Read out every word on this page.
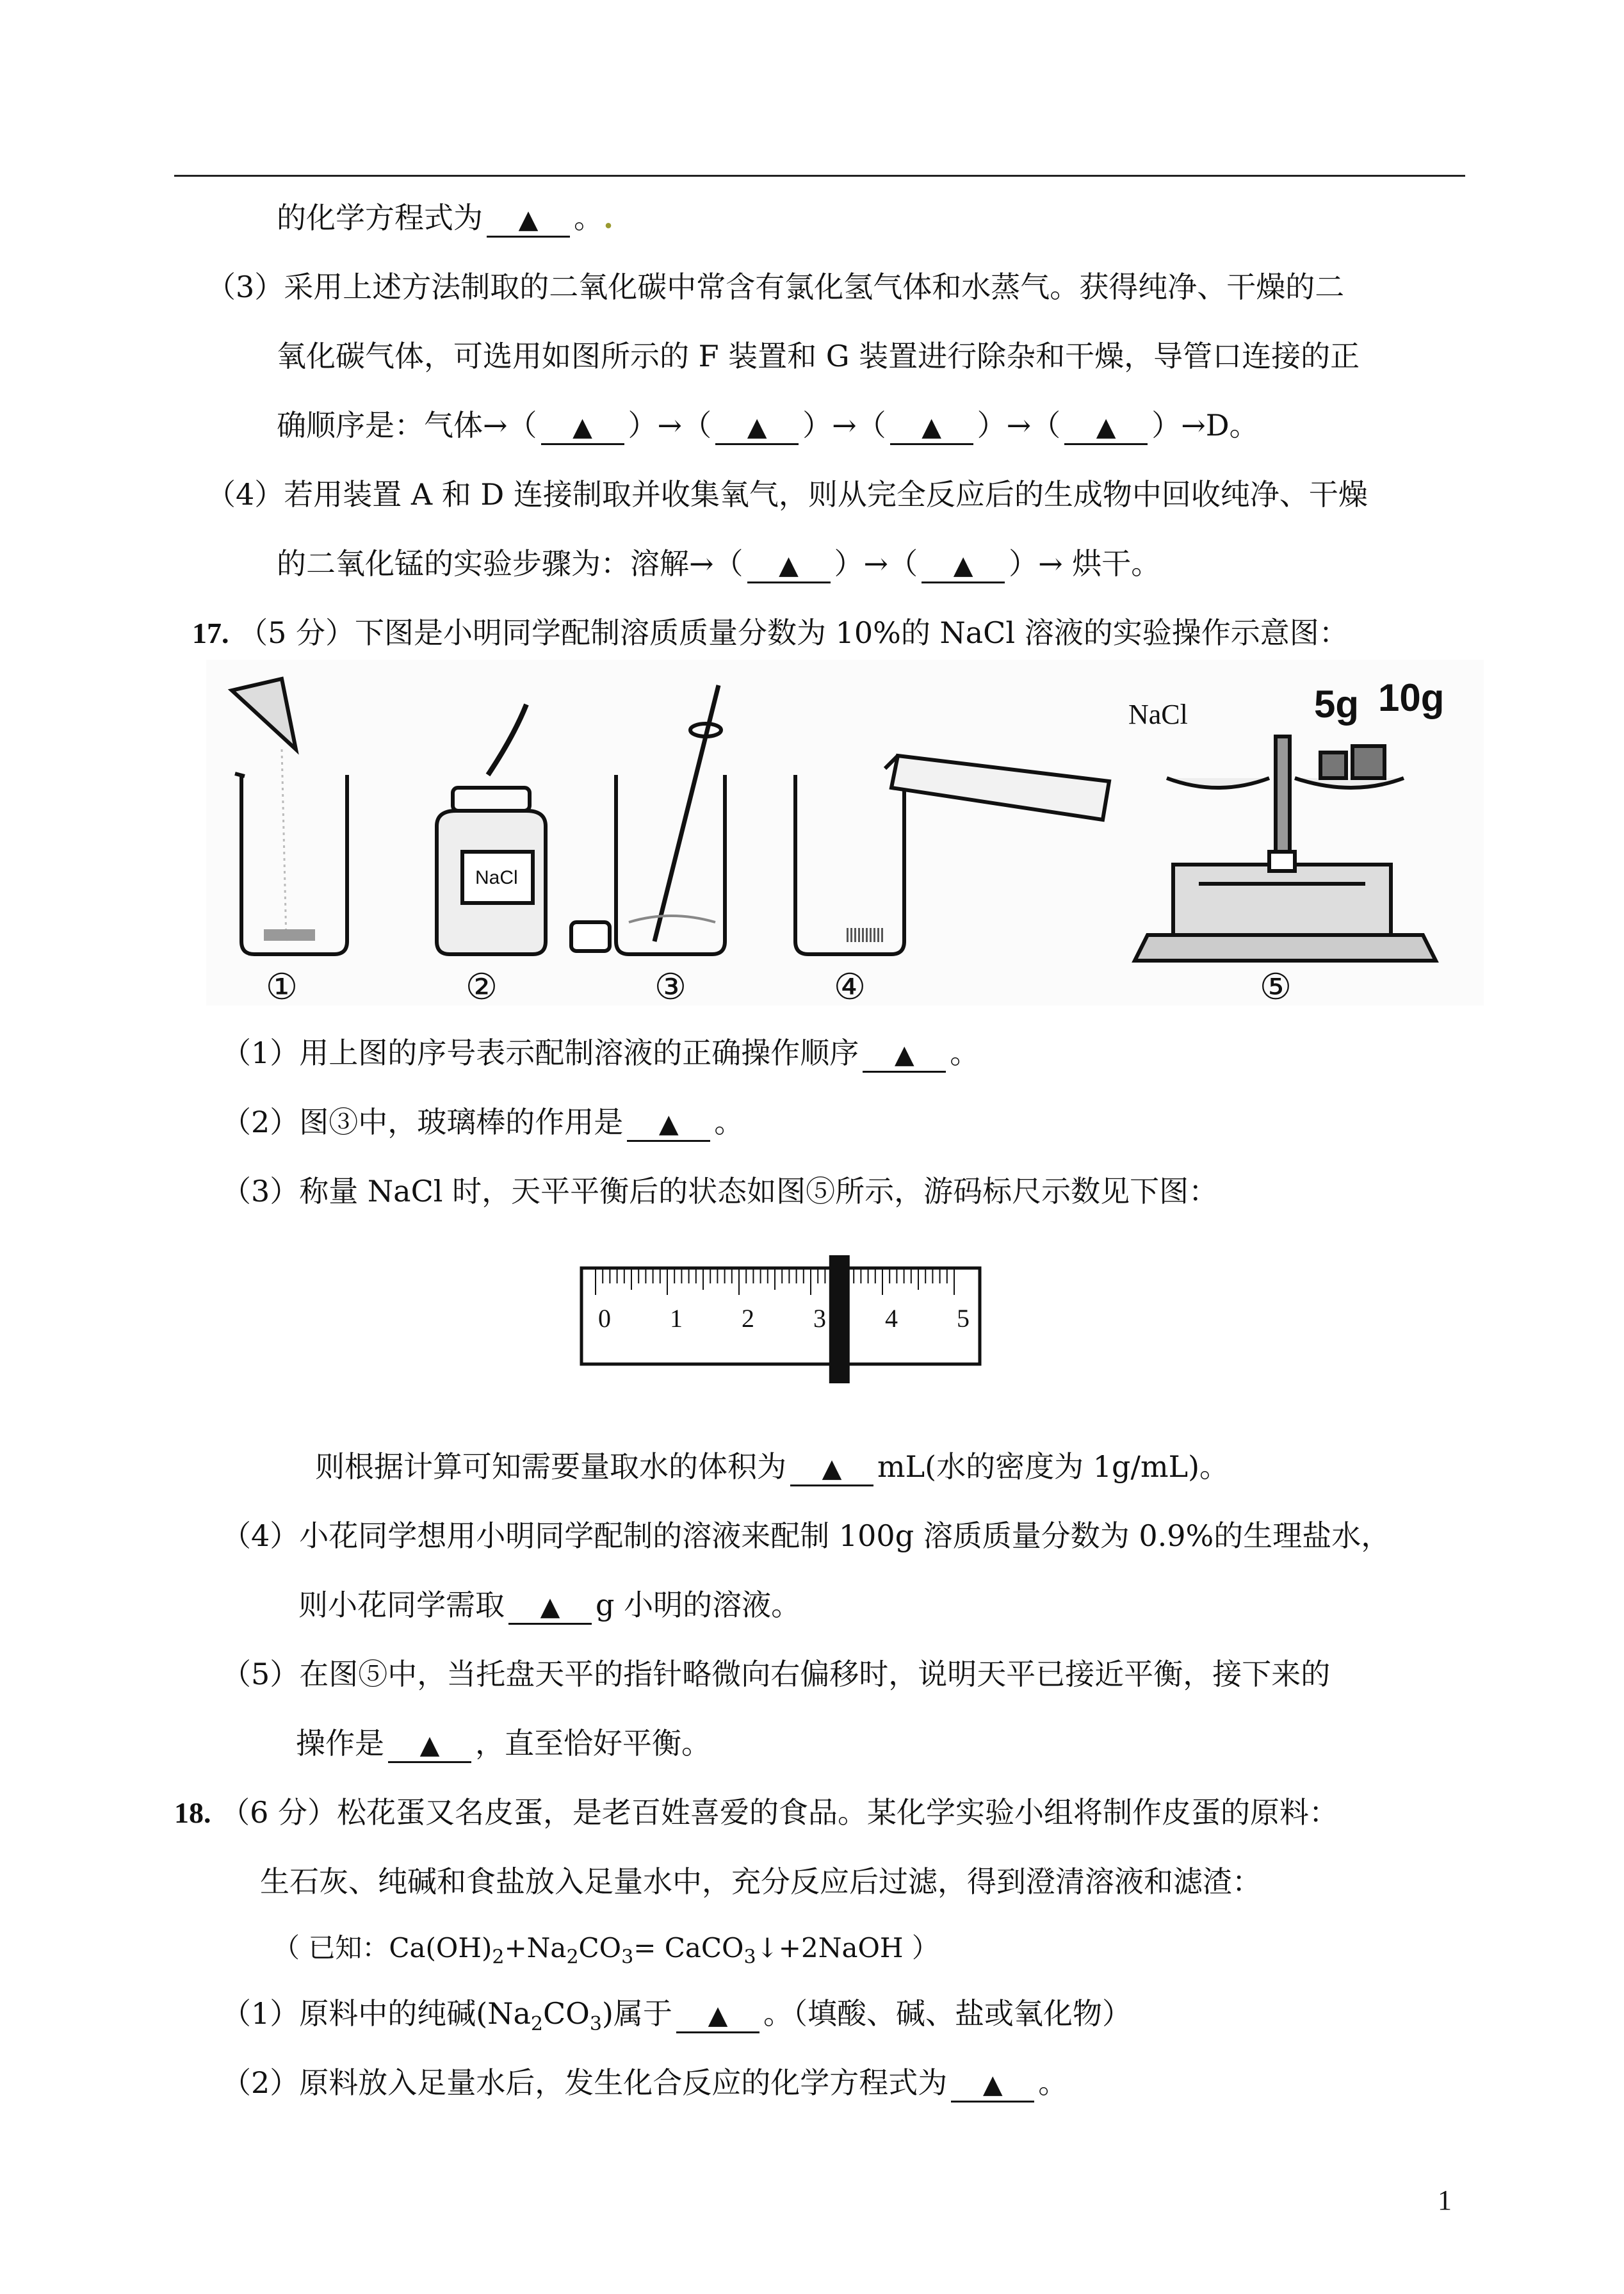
的化学方程式为 ▲ 。.
（3）采用上述方法制取的二氧化碳中常含有氯化氢气体和水蒸气。获得纯净、干燥的二
氧化碳气体，可选用如图所示的 F 装置和 G 装置进行除杂和干燥，导管口连接的正
确顺序是：气体→（ ▲ ）→（ ▲ ）→（ ▲ ）→（ ▲ ）→D。
（4）若用装置 A 和 D 连接制取并收集氧气，则从完全反应后的生成物中回收纯净、干燥
的二氧化锰的实验步骤为：溶解→（ ▲ ）→（ ▲ ）→ 烘干。
17. （5 分）下图是小明同学配制溶质质量分数为 10%的 NaCl 溶液的实验操作示意图：
NaCl
NaCl	5g 10g
①	②	③	④	⑤
（1）用上图的序号表示配制溶液的正确操作顺序 ▲ 。
（2）图③中，玻璃棒的作用是 ▲ 。
（3）称量 NaCl 时，天平平衡后的状态如图⑤所示，游码标尺示数见下图：
0 1 2 3 4 5
则根据计算可知需要量取水的体积为 ▲ mL(水的密度为 1g/mL)。
（4）小花同学想用小明同学配制的溶液来配制 100g 溶质质量分数为 0.9%的生理盐水，
则小花同学需取 ▲ g 小明的溶液。
（5）在图⑤中，当托盘天平的指针略微向右偏移时，说明天平已接近平衡，接下来的
操作是 ▲ ，直至恰好平衡。
18. （6 分）松花蛋又名皮蛋，是老百姓喜爱的食品。某化学实验小组将制作皮蛋的原料：
生石灰、纯碱和食盐放入足量水中，充分反应后过滤，得到澄清溶液和滤渣：
（ 已知：$Ca(OH)_2+Na_2CO_3=$ CaCO$_3$↓+2NaOH ）
（1）原料中的纯碱$(Na_2CO_3)$属于 ▲ 。（填酸、碱、盐或氧化物）
（2）原料放入足量水后，发生化合反应的化学方程式为 ▲ 。
1
